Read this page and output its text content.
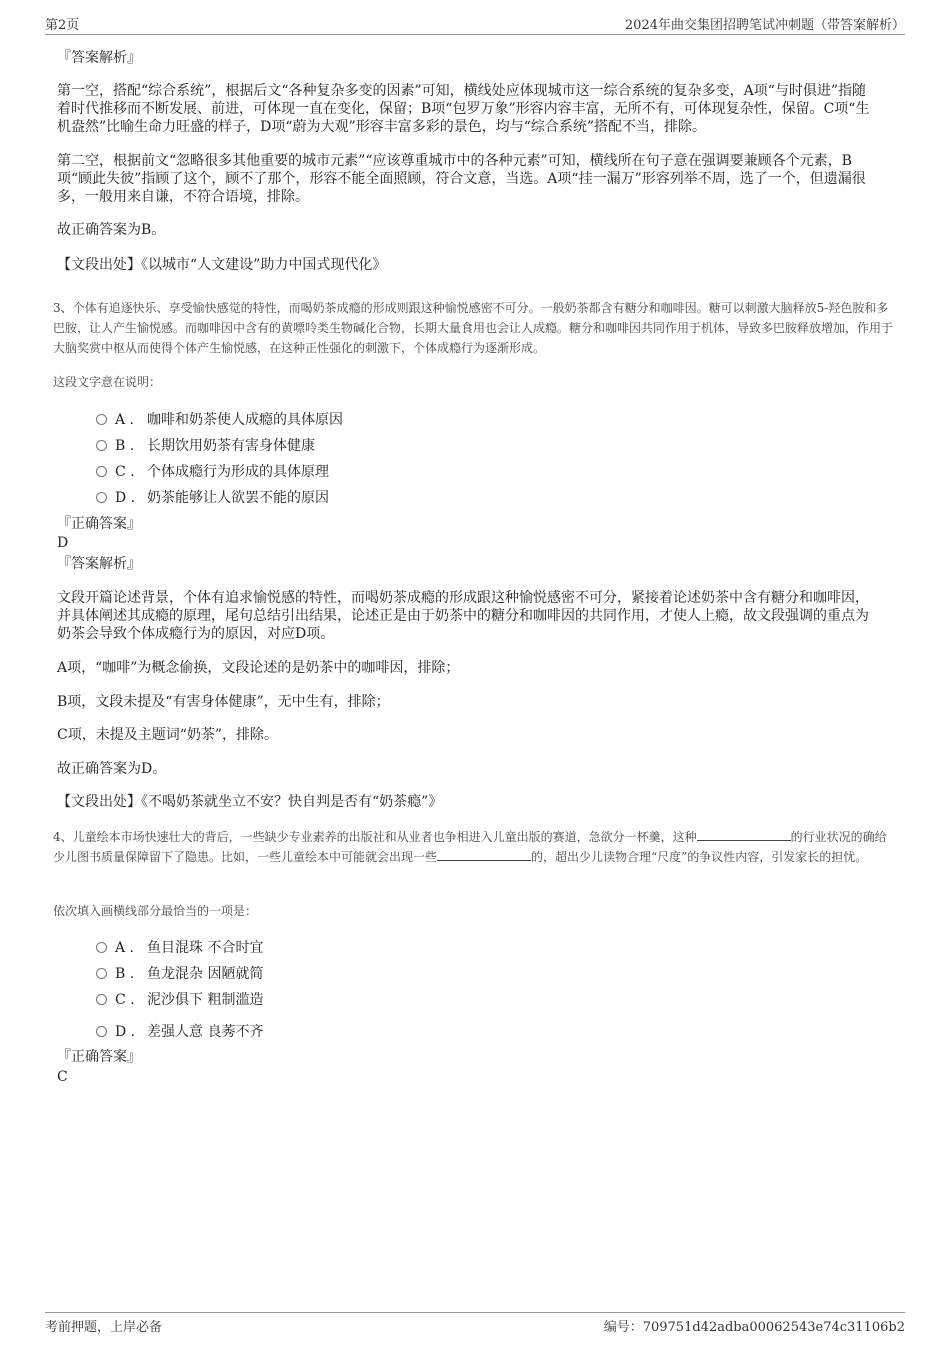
第2页	2024年曲交集团招聘笔试冲刺题（带答案解析）

『答案解析』

第一空，搭配“综合系统”，根据后文“各种复杂多变的因素”可知，横线处应体现城市这一综合系统的复杂多变，A项“与时俱进”指随着时代推移而不断发展、前进，可体现一直在变化，保留；B项“包罗万象”形容内容丰富，无所不有，可体现复杂性，保留。C项“生机盎然”比喻生命力旺盛的样子，D项“蔚为大观”形容丰富多彩的景色，均与“综合系统”搭配不当，排除。

第二空，根据前文“忽略很多其他重要的城市元素”“应该尊重城市中的各种元素”可知，横线所在句子意在强调要兼顾各个元素，B项“顾此失彼”指顾了这个，顾不了那个，形容不能全面照顾，符合文意，当选。A项“挂一漏万”形容列举不周，选了一个，但遗漏很多，一般用来自谦，不符合语境，排除。

故正确答案为B。

【文段出处】《以城市“人文建设”助力中国式现代化》

3、个体有追逐快乐、享受愉快感觉的特性，而喝奶茶成瘾的形成则跟这种愉悦感密不可分。一般奶茶都含有糖分和咖啡因。糖可以刺激大脑释放5-羟色胺和多巴胺，让人产生愉悦感。而咖啡因中含有的黄嘌呤类生物碱化合物，长期大量食用也会让人成瘾。糖分和咖啡因共同作用于机体，导致多巴胺释放增加，作用于大脑奖赏中枢从而使得个体产生愉悦感，在这种正性强化的刺激下，个体成瘾行为逐渐形成。

这段文字意在说明：

A . 咖啡和奶茶使人成瘾的具体原因
B . 长期饮用奶茶有害身体健康
C . 个体成瘾行为形成的具体原理
D . 奶茶能够让人欲罢不能的原因

『正确答案』

D

『答案解析』

文段开篇论述背景，个体有追求愉悦感的特性，而喝奶茶成瘾的形成跟这种愉悦感密不可分，紧接着论述奶茶中含有糖分和咖啡因，并具体阐述其成瘾的原理，尾句总结引出结果，论述正是由于奶茶中的糖分和咖啡因的共同作用，才使人上瘾，故文段强调的重点为奶茶会导致个体成瘾行为的原因，对应D项。

A项，“咖啡”为概念偷换，文段论述的是奶茶中的咖啡因，排除；

B项，文段未提及“有害身体健康”，无中生有，排除；

C项，未提及主题词“奶茶”，排除。

故正确答案为D。

【文段出处】《不喝奶茶就坐立不安？快自判是否有“奶茶瘾”》

4、儿童绘本市场快速壮大的背后，一些缺少专业素养的出版社和从业者也争相进入儿童出版的赛道，急欲分一杯羹，这种	的行业状况的确给少儿图书质量保障留下了隐患。比如，一些儿童绘本中可能就会出现一些	的，超出少儿读物合理“尺度”的争议性内容，引发家长的担忧。

依次填入画横线部分最恰当的一项是：

A . 鱼目混珠 不合时宜
B . 鱼龙混杂 因陋就简
C . 泥沙俱下 粗制滥造
D . 差强人意 良莠不齐

『正确答案』

C

考前押题，上岸必备	编号：709751d42adba00062543e74c31106b2
